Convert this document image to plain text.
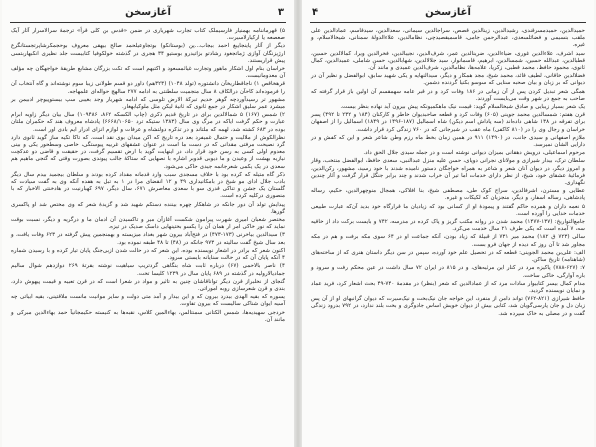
آغازسخن	۳

۵) قهرماننامه بهمنیار فارسیملک کتاب تجارب شهریاری در ضمن «قدس بن کلی قرأ» ترجمهٔ سرالاسرار آثار آیک صعصعه یا ارکیارلاسیرت.

دیگر از آثار پاینجاییغ احمد بیجاب...پن (بوستانکو) بوتجاوعیلحمد صالح بیهقی معروف بوحجمکرشاپرتجستانگرع ارژیزنگان آوازی ژماتجغود رشادتو بزاتیدرو بوستیو ۳۴ هجری در گذشته خولکوفیا کتابیست جلد نظیری انکبهاربتسی پیش قراریستند.

خراسان بنام اول اشکار ماهور وتجارت غیاثمسعود و اکتبهم است که تکت بزرگان مشابع طریقهٔ خواجهگان چه مؤلف آن معدومانیست.

قرهخاقص ۱) ناجاقطاریخآن دانشتوره (تولد ۱۰۴۸) (۳۲۳هم) داور دو قسم طولانی زیبا سوم نوشته‌اند و گاه آنتخاب آن را فرموده‌اند کاحآن درالکاف ۸ سال منجمیت سلطنتی به ادامه ۲۷۷ سالهچ حواله‌ای علمهاجه.

مشهور تر رسیدآوردچه گوهر خدیم تبرکهٔ الارض تلوسی که ادامه شهریار وجد بغیبی سپ بیستوپیوچر ادبیمن بر میشرد عمر سلیق اشکار در جمع ثانوی که ثانیهٔ لیکن مثل ملوکیابهغار.

۲) شمس (۱۶۷) ۵ شمالالدین برای در تاریخ قدیم ذکری (چاپ الکسکه ۸۶۲، ۱۰۹۴۸۶) سال بیان دیگر زاویه ابرام عبارت و حکم گرفت ایاکه در مرگ وی سال (۱۳۸۳ ستیکه ترد ۶۶۶۸/۱۰۶۵۰) پادشاه معروف هند که حکمران ملتان بوده در ۶۸۳ کشته شد، لهمه که ملتاند و در تذکره دولتشاه و عرفات و لوازم انزای ادرار ایم بادی اور است.

نظرالکوش از ملالیت و حتمال غمیفرد بعد دره تاریج که اکن میدان بوی نقد است. که تاکا تکیه ساز گوید ثانوی دارد گرد نصیحت مرفتی مقدانی که در دست ما است در عنوان عشقهای غربیه پیوستگی، خاصی وسطحور یکی و بینی معدوم اولی کسی به رسن خود قرار داد، در اینهایت گوید با ارض تقسیم گرفت، در حقیقت و قاضی دو عدکچت نیازیه بهشت از وعیدن و ما دیوبی قدوبر اشاره با نصهایی که ستاکهٔ جالب پیوندی بصورت وقتی که گنجی ماهیم هم سعدی در یک یکمی شعرجانمه جیدی حاکی می‌شود.

ذکر گاه متیله که کرده بود با خلاف مسجدی سبب وارد قدمانه مقداد کرده بودند و سلطان بیجمید بیدم سال دیگر بادب جلال ادای مو شیخ در بامکانیداری ۴۹ و ۱۲ انقضای مرا در ۱ به تبل به هفده آنکه وی به گفت سیادت که گلستان یک جشن و تناکی قدری سو با سعدی معاصرش ۶۷۱، سال دیگر، ۶۹۷ کهبارنیت در هادخنتی الاخبار که با منصوری درکلیه کرده است.

پیدایش تولد آن دور جانکه در شاهکار چهره بیننده دستکم شهید شد و گزیدهٔ شعر که وی مختص شد او پاکسری گورها.

مختصر شعبان امیری شهرت پیرامون شکست آغازآن میر و تاکسیدن آن ادمان ما و درگریه و دیگر، نسبت بوقت نماید که نور خاکی امر ار همان آن را یکسو بختینهایی داسک صدیک در تیزه.

۳) سیدالدین بیاخرنی (۱۷۳-۴۷۳) در فتح‌آباد بیرون شهر بغداد میزیسته و بهمنجمین پیش گرفته در ۶۲۳ وفات یافت، و بعد سال شیخ گفت سالیته در ۹۷۳ جانکه در (۴۸) تا ۴۸ طبقه نموده بود.

اکنون شعر که برادر در اشعار نویسنده بوده، این شعر که در حالت شدن ازبی‌جنگ پایان تیار کرده و با رسیدن شماره ۴ آنکه پایان آن که در حالت سنایانه بایستی سرود.

۴) ناصر بالاحمی (۶۷) درباره ثابت شاه بنگاهی گردتریپ سیاهیت نوشته بقرتهٔ ۲۶۹ دوازدهم شوال سالیم جمادیالارولیه در گذشته در ۶۸۹ پایان سال در ۱۲۳۹ کلیسا تخت.

گنجای از نخلبراز قرن دیگر تواناقاشان چنین به تاثیر و مواد در شعرا است که در قرن تعبیه و قیمت پیهوش دارد، بندی و قرن شعرسازی روبه اموراتی.

یسوره که بقیه الهدی بیدرد بیرون که و این بیدار و آمد متی دولت و سایر موانیت مانست ملاقتینی، بقیه ابیاتی چه آسیه ایوان شناکی سالیست که بیرون تفاوت.

خردجی سهیدیه‌ها، شمس الکتانی سمنتالس، بهاءالمین کلاس، نقبه‌ها به کنیسته حکیمجانیآ حمد بهاءالدین مبرکی و مانند آن.

آغازسخن
۴

حمیدالدین، حمیدمسرقندی، رشیدالدین، زینالدین قصص، سراجالدین سیمانی، سعدالدین، سیدقاسم، عمادالدین علی ملقب بنسیمی و فضائلسعدی، عبدالرحمن جامی، قاسمیقصیدچی، نظامالدین، علاءالدولهٔ سمنانی، شیخالاسلام، و غیره.

سید اشرف، علاءالدین غوری، ضیاءالدین، ضرینالدین عمر، شرف‌الدین، نجیبالدین، فخرالدین ویرا، کمالالدین حسین، قطبالدین، عبدالله حسین، شمسالدین، ابرهیم، قاسمانوار، سید جلالالدین، شهابالدین، حسن شاملی، عمیدالدین، کمال ثانوی، محمود حافظ، محمد قطبی، زکریا، علامه‌ها، نظامالدین، شرف‌الدین عمیدی و مانند آن.

فضلالدین خاقانی، لطیف قائد، محمد شیخ، مجد همکار و دیگر، سیدالنهایه و یکی شهید سابق، ابوالفضل و نظیر آن در دیوانی که بر زبان و بیان صحبه سنایی که سوسو بکنیا گردنده دشمن.

همگی شعر تبدیل کردن پس از آن زمانی در ۱۸۶ وفات کرد و در قبر عامه سهمقسم آن اولین باز قرار گرفته که صاحب به جمع در شهر وقت می‌بایست آوردند.

یک شعر بسیار زیبایی و صادق شیخالسلام گوید: قیمت نیک ماهکمیونکه پیش بیرون آید نهاده بنظر بیست.

قرن هفتم: شمسالدین محمد جوینی (۶۰۵) وفات کرد و قطعه صاحبدیوان خاطر و کارکنان (۱۸۴ و ۲۳۲ تا ۴۹۲) پسر برای تفرقه در ۱۳۸ شاهی داده‌اند (سه پاداش اسم دیکن) شاه اسمالیل (۱۸۷-۱۴۹۶ در ۱۸۴۹) اسمالیل را از اصفهان خراسان و رجال وی را در (۸۱۰ کاکفی) ماه عقب در شیرجانی که در ۷۶۰ زندگی کرد قرار داشت.

ملازم اصفهانی و سیدی جانب، در (۱۴۹۰) ۹۱۱ در همین زمان بخط ماه رزم وطن شاعر شعر و این که کفش و در دارایی الشان نمیرسد.

مرحوم اسماعیلی، درویش دهقانی بمیزان دیوانی نوشته است و در جمله سیدی جلال الحق داد.

سلطان ترک، بیدار شیرازی و مولانای نجرانی دوپای، حسن علیه منزل عبدالنبی، سعدی حافظ، ابوالفضل منتخب، وقار و امروز دیگر، در دیوان آنان شعر و شاعر به همراه خواجگان دستور نامیده شدند با خود رسید، مشهور، رکن‌الدین، فرمائیهٔ عشقای خود، شیخ، از نظر دارای خدمات اما تیر آن خراب شدند و چند برابر جنگل قرار گرفت و آثار چندین نگهداری.

عطایی و مسترن، اشرفالدین، سراج کوک طی، مصطفی شیخ، بنا افلاکی، همجال منوچهرالدین، حکیم، رساله پادشاهی، رساله اسفار، و دیگر، منجزیان که لکیکات و غیره.

۵ نعمه داران و همرده حاکم گفتند و پیمودهٔ او از کسانی بود که زیادیان ما قرارگاه خود بدید آن‌که عبارت طبیعی خدمات خدایی را آورده است.

جامع‌التواریخ: (۱۳۷-۱۴۷۷) محمد شدن در روانه مکتب گریز و پاک کرده در مدرسه، ۷۴۲ و بایست برکت داد از خاقیه سه، ۷ آمده است که یکی طرف ۲۱ سال خدمت می‌کرد.

سالی (۷۲۳ ق ۱۸۲) محمد میر ۷۳۱ از قبیلهٔ که زیاد بودن، آنکه جماعت او در ۶۴ سوی مکه برفت و هم در مکه مجاور شد تا آن روز که دیده از جهان فرو بست.

الف: علی‌بن محمد الجوینی: قطعه که در تحصیل علم خود آورده، سپس در سن دیگر داستان هنری که از ساخته‌های (شاهنامه) تاریخ ساکن.

۷: (۷۸۸-۶۲۷) پاکیزه مرد در کنار این مرثیه‌های، و در ۸۱۵ در ایران ۷۲ سال داشت در عین محکم رفت و سرود و باره آوارگی، خاکی ساخت.

مدام کمال بیسر کتابیوار سادات مرد که از عمادالدین که شعر (بنظر) در مقدمهٔ ۷۴۰-۴۹ بحث اشعار کرد، فرید عماد و نمایان نویسنده گردید.

حافظ شیرازی (۸۲۱-۷۶۲) تواند دامن از منفرد، این خواجه جان نیک‌بخت و نیک‌سیرت که دیوان گرانبهای او از آن پس زبان دل و جان پارسی‌گویان شد، کتابی بیش از دیوان خویش اساس جادوگری و بخت بلند ندارد، در ۷۹۲ بدرود زندگی گفت و در مصلی به خاک سپرده شد.
